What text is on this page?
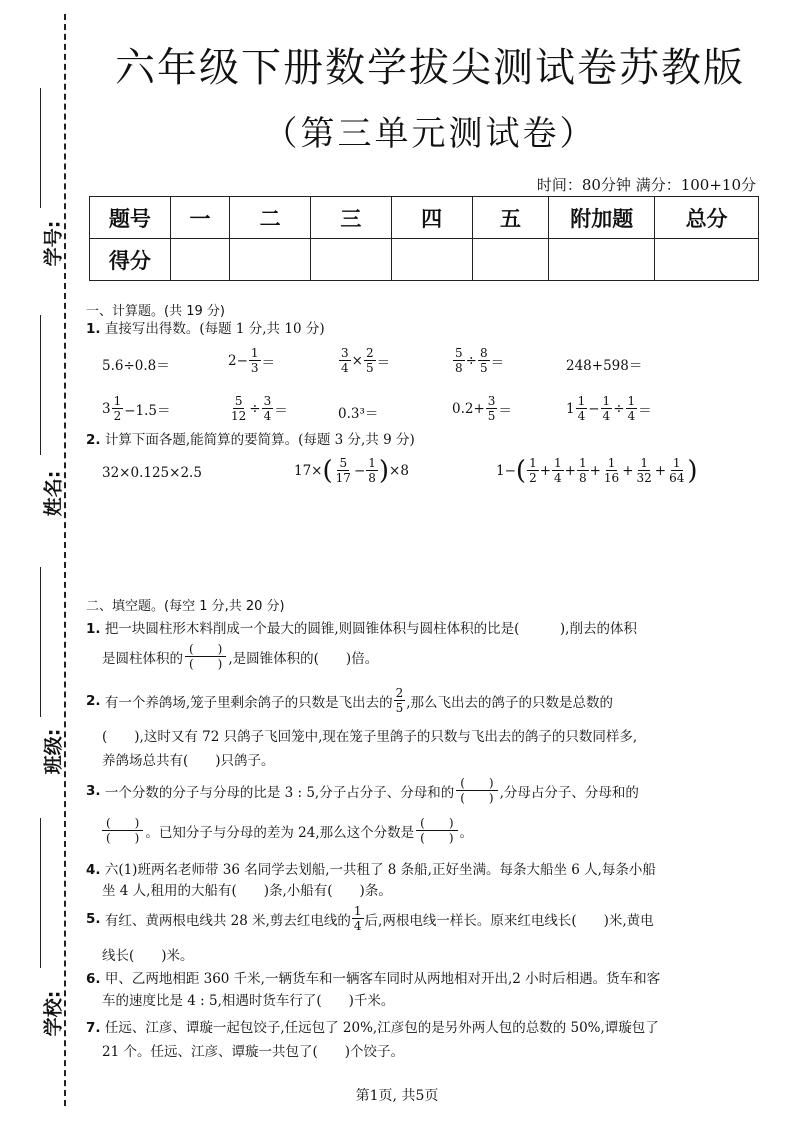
学号:
姓名:
班级:
学校:
六年级下册数学拔尖测试卷苏教版
（第三单元测试卷）
时间：80分钟 满分：100+10分
题号	一	二	三	四	五	附加题	总分
得分							
一、计算题。(共 19 分)
1. 直接写出得数。(每题 1 分,共 10 分)
5.6÷0.8＝	$2- \frac{1}{3}$ ＝	$\frac{3}{4} \times \frac{2}{5}$ ＝	$\frac{5}{8} \div \frac{8}{5}$ ＝	248+598＝
$3 \frac{1}{2} -1.5=$	$\frac{5}{12} \div \frac{3}{4}$ ＝	0.3³＝	$0.2+ \frac{3}{5}$ ＝	$1 \frac{1}{4} - \frac{1}{4} \div \frac{1}{4}$ ＝
2. 计算下面各题,能简算的要简算。(每题 3 分,共 9 分)
32×0.125×2.5	17× ( $\frac{5}{17} - \frac{1}{8}$ ) ×8	1− ( $\frac{1}{2} + \frac{1}{4} + \frac{1}{8} + \frac{1}{16} + \frac{1}{32} + \frac{1}{64}$ )
二、填空题。(每空 1 分,共 20 分)

1. 把一块圆柱形木料削成一个最大的圆锥,则圆锥体积与圆柱体积的比是(　　　),削去的体积

是圆柱体积的 $\frac{( )}{( )}$ ,是圆锥体积的(　　)倍。

2.
有一个养鸽场,笼子里剩余鸽子的只数是飞出去的 $\frac{2}{5}$ ,那么飞出去的鸽子的只数是总数的

(　　),这时又有 72 只鸽子飞回笼中,现在笼子里鸽子的只数与飞出去的鸽子的只数同样多,

养鸽场总共有(　　)只鸽子。

3.
一个分数的分子与分母的比是 3 : 5,分子占分子、分母和的 $\frac{( )}{( )}$ ,分母占分子、分母和的

$\frac{( )}{( )}$ 。已知分子与分母的差为 24,那么这个分数是 $\frac{( )}{( )}$ 。

4. 六(1)班两名老师带 36 名同学去划船,一共租了 8 条船,正好坐满。每条大船坐 6 人,每条小船

坐 4 人,租用的大船有(　　)条,小船有(　　)条。

5.
有红、黄两根电线共 28 米,剪去红电线的 $\frac{1}{4}$ 后,两根电线一样长。原来红电线长(　　)米,黄电

线长(　　)米。

6. 甲、乙两地相距 360 千米,一辆货车和一辆客车同时从两地相对开出,2 小时后相遇。货车和客

车的速度比是 4 : 5,相遇时货车行了(　　)千米。

7. 任远、江彦、谭璇一起包饺子,任远包了 20%,江彦包的是另外两人包的总数的 50%,谭璇包了

21 个。任远、江彦、谭璇一共包了(　　)个饺子。

第1页, 共5页
